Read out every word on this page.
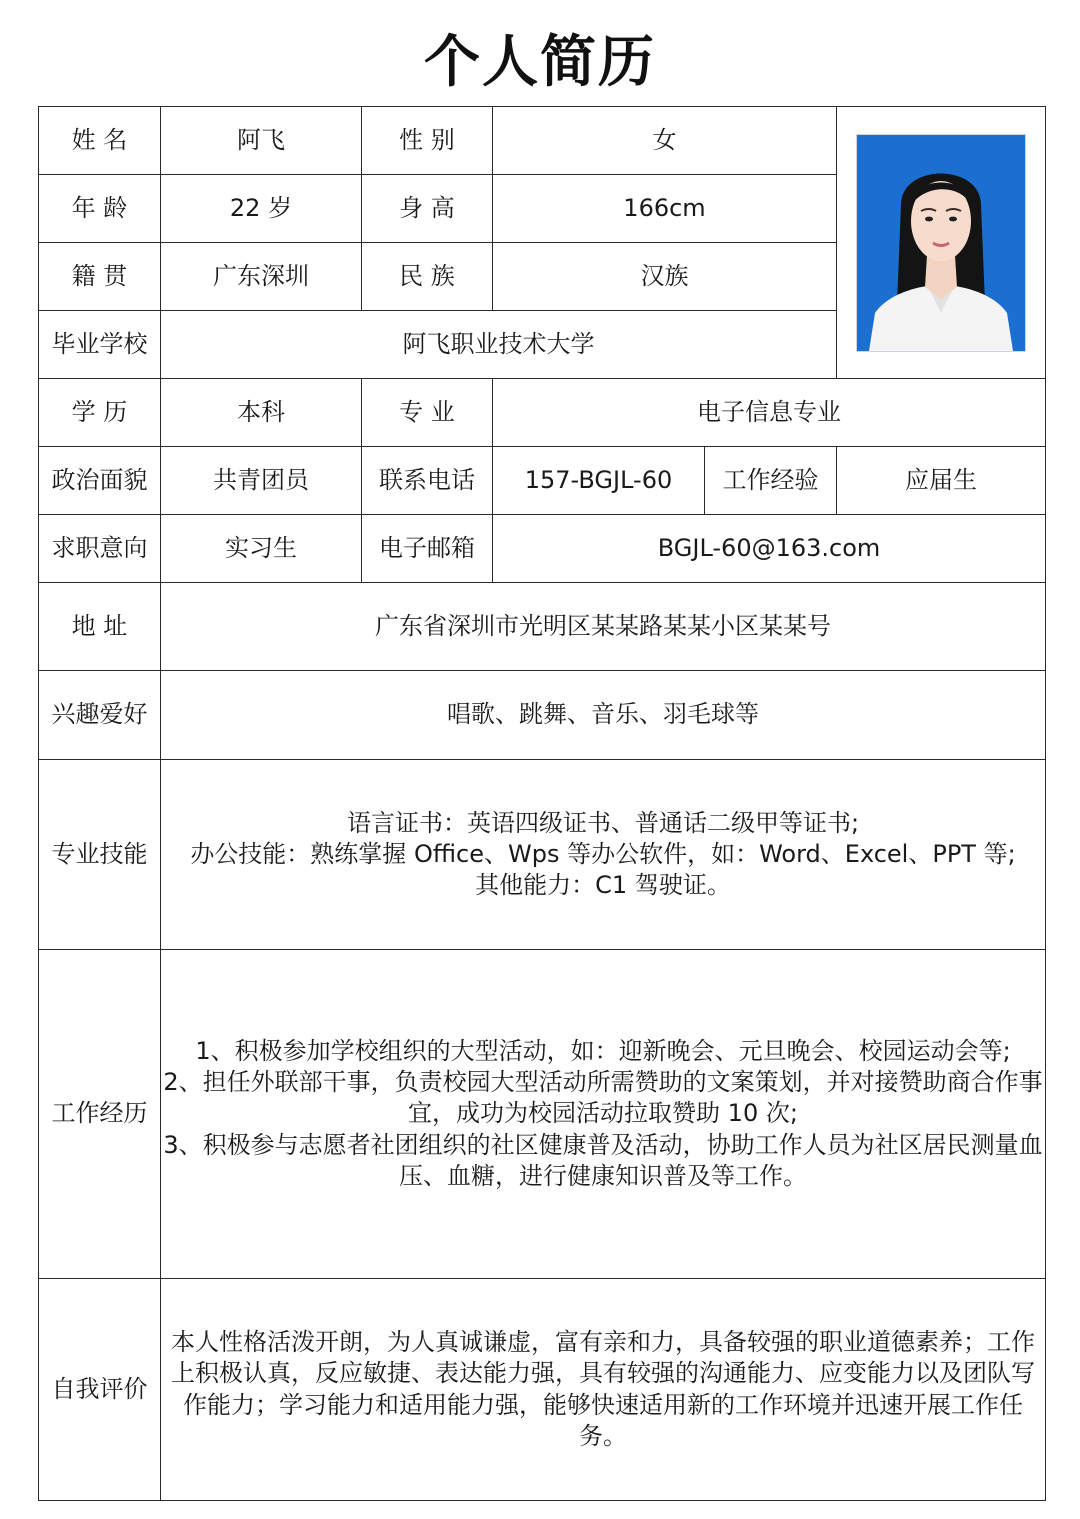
个人简历
姓 名	阿飞	性 别	女	

年 龄	22 岁	身 高	166cm		
籍 贯	广东深圳	民 族	汉族		
毕业学校	阿飞职业技术大学				
学 历	本科	专 业	电子信息专业		
政治面貌	共青团员	联系电话	157-BGJL-60	工作经验	应届生
求职意向	实习生	电子邮箱	BGJL-60@163.com		
地 址	广东省深圳市光明区某某路某某小区某某号				
兴趣爱好	唱歌、跳舞、音乐、羽毛球等				
专业技能	语言证书：英语四级证书、普通话二级甲等证书;
办公技能：熟练掌握 Office、Wps 等办公软件，如：Word、Excel、PPT 等;
其他能力：C1 驾驶证。				

工作经历	1、积极参加学校组织的大型活动，如：迎新晚会、元旦晚会、校园运动会等;
2、担任外联部干事，负责校园大型活动所需赞助的文案策划，并对接赞助商合作事宜，成功为校园活动拉取赞助 10 次;
3、积极参与志愿者社团组织的社区健康普及活动，协助工作人员为社区居民测量血压、血糖，进行健康知识普及等工作。				

自我评价	本人性格活泼开朗，为人真诚谦虚，富有亲和力，具备较强的职业道德素养；工作上积极认真，反应敏捷、表达能力强，具有较强的沟通能力、应变能力以及团队写作能力；学习能力和适用能力强，能够快速适用新的工作环境并迅速开展工作任务。				
